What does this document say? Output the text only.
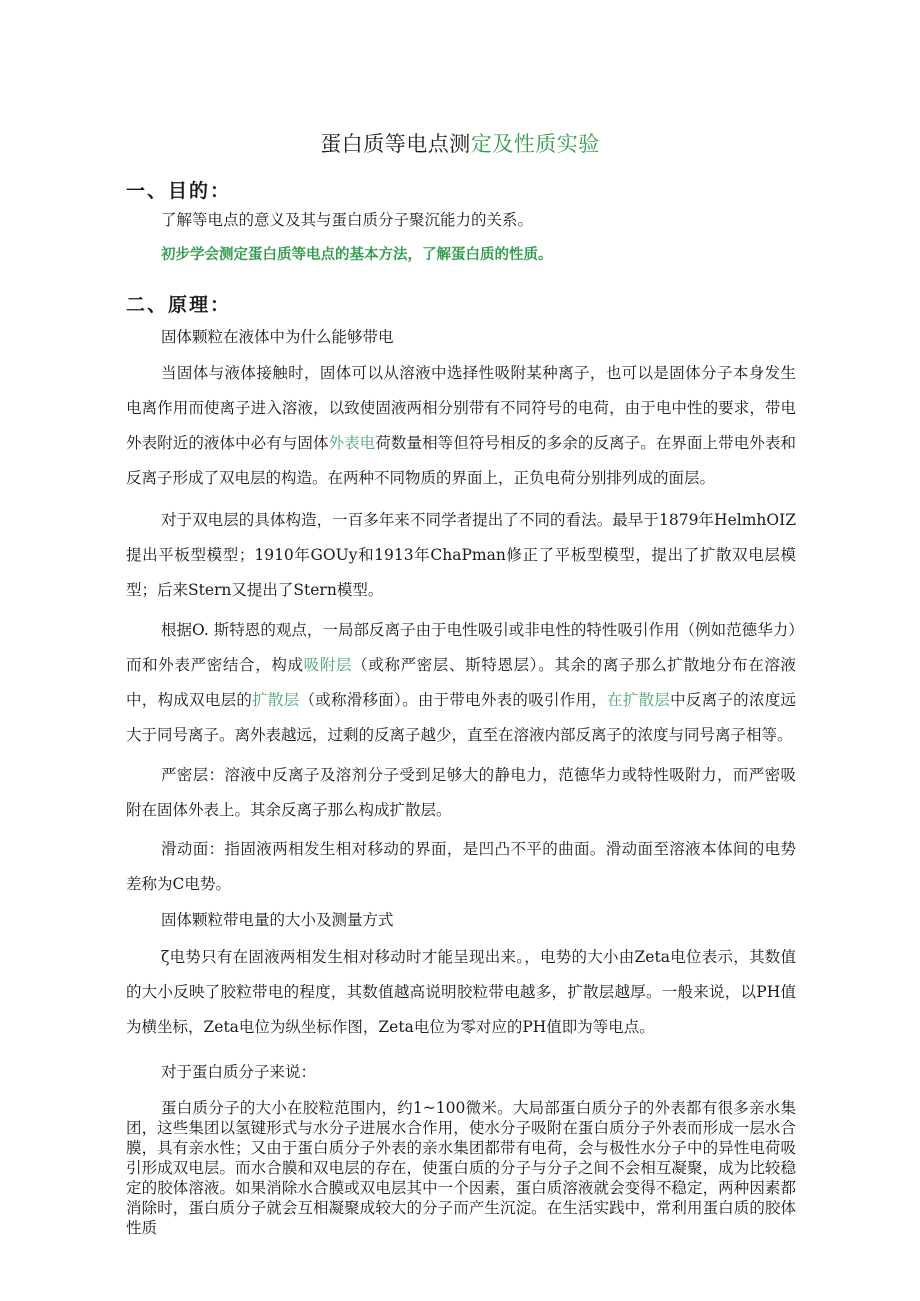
蛋白质等电点测定及性质实验
一、目的：
了解等电点的意义及其与蛋白质分子聚沉能力的关系。
初步学会测定蛋白质等电点的基本方法，了解蛋白质的性质。
二、原理：
固体颗粒在液体中为什么能够带电
当固体与液体接触时，固体可以从溶液中选择性吸附某种离子，也可以是固体分子本身发生电离作用而使离子进入溶液，以致使固液两相分别带有不同符号的电荷，由于电中性的要求，带电外表附近的液体中必有与固体外表电荷数量相等但符号相反的多余的反离子。在界面上带电外表和反离子形成了双电层的构造。在两种不同物质的界面上，正负电荷分别排列成的面层。
对于双电层的具体构造，一百多年来不同学者提出了不同的看法。最早于1879年HelmhOIZ提出平板型模型；1910年GOUy和1913年ChaPman修正了平板型模型，提出了扩散双电层模型；后来Stern又提出了Stern模型。
根据O. 斯特恩的观点，一局部反离子由于电性吸引或非电性的特性吸引作用（例如范德华力）而和外表严密结合，构成吸附层（或称严密层、斯特恩层）。其余的离子那么扩散地分布在溶液中，构成双电层的扩散层（或称滑移面）。由于带电外表的吸引作用，在扩散层中反离子的浓度远大于同号离子。离外表越远，过剩的反离子越少，直至在溶液内部反离子的浓度与同号离子相等。
严密层：溶液中反离子及溶剂分子受到足够大的静电力，范德华力或特性吸附力，而严密吸附在固体外表上。其余反离子那么构成扩散层。
滑动面：指固液两相发生相对移动的界面，是凹凸不平的曲面。滑动面至溶液本体间的电势差称为C电势。
固体颗粒带电量的大小及测量方式
ζ电势只有在固液两相发生相对移动时才能呈现出来。，电势的大小由Zeta电位表示，其数值的大小反映了胶粒带电的程度，其数值越高说明胶粒带电越多，扩散层越厚。一般来说，以PH值为横坐标，Zeta电位为纵坐标作图，Zeta电位为零对应的PH值即为等电点。
对于蛋白质分子来说：
蛋白质分子的大小在胶粒范围内，约1~100微米。大局部蛋白质分子的外表都有很多亲水集团，这些集团以氢键形式与水分子进展水合作用，使水分子吸附在蛋白质分子外表而形成一层水合膜，具有亲水性；又由于蛋白质分子外表的亲水集团都带有电荷，会与极性水分子中的异性电荷吸引形成双电层。而水合膜和双电层的存在，使蛋白质的分子与分子之间不会相互凝聚，成为比较稳定的胶体溶液。如果消除水合膜或双电层其中一个因素，蛋白质溶液就会变得不稳定，两种因素都消除时，蛋白质分子就会互相凝聚成较大的分子而产生沉淀。在生活实践中，常利用蛋白质的胶体性质
